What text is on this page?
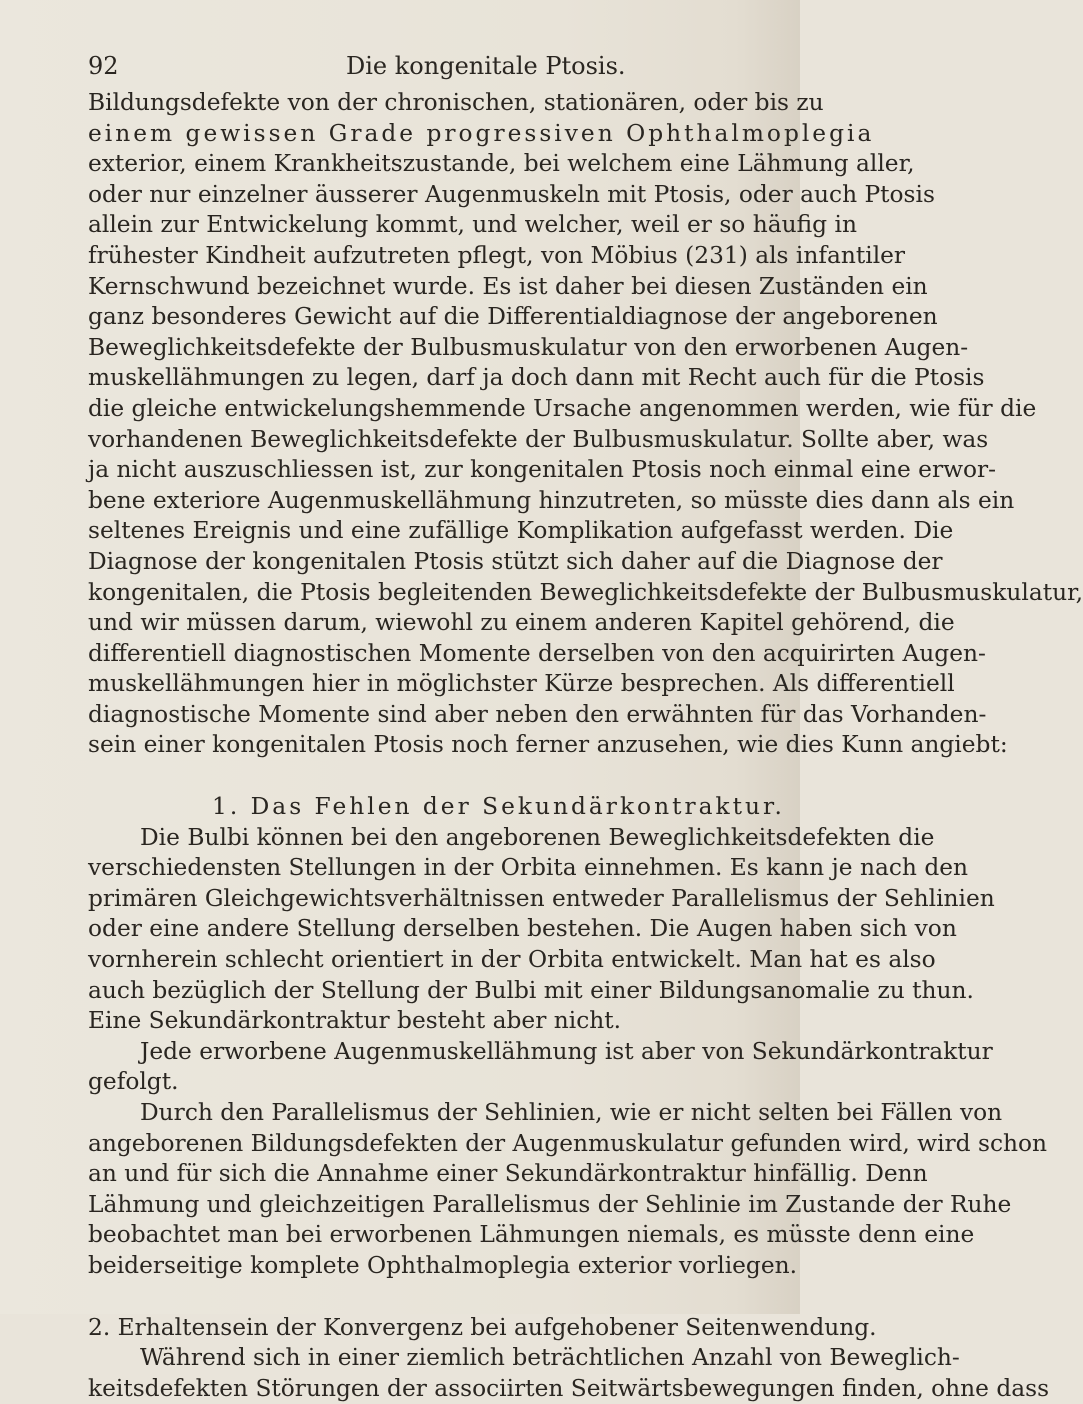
92	Die kongenitale Ptosis.
Bildungsdefekte von der chronischen, stationären, oder bis zu
einem gewissen Grade progressiven Ophthalmoplegia
exterior, einem Krankheitszustande, bei welchem eine Lähmung aller,
oder nur einzelner äusserer Augenmuskeln mit Ptosis, oder auch Ptosis
allein zur Entwickelung kommt, und welcher, weil er so häufig in
frühester Kindheit aufzutreten pflegt, von Möbius (231) als infantiler
Kernschwund bezeichnet wurde. Es ist daher bei diesen Zuständen ein
ganz besonderes Gewicht auf die Differentialdiagnose der angeborenen
Beweglichkeitsdefekte der Bulbusmuskulatur von den erworbenen Augen-
muskellähmungen zu legen, darf ja doch dann mit Recht auch für die Ptosis
die gleiche entwickelungshemmende Ursache angenommen werden, wie für die
vorhandenen Beweglichkeitsdefekte der Bulbusmuskulatur. Sollte aber, was
ja nicht auszuschliessen ist, zur kongenitalen Ptosis noch einmal eine erwor-
bene exteriore Augenmuskellähmung hinzutreten, so müsste dies dann als ein
seltenes Ereignis und eine zufällige Komplikation aufgefasst werden. Die
Diagnose der kongenitalen Ptosis stützt sich daher auf die Diagnose der
kongenitalen, die Ptosis begleitenden Beweglichkeitsdefekte der Bulbusmuskulatur,
und wir müssen darum, wiewohl zu einem anderen Kapitel gehörend, die
differentiell diagnostischen Momente derselben von den acquirirten Augen-
muskellähmungen hier in möglichster Kürze besprechen. Als differentiell
diagnostische Momente sind aber neben den erwähnten für das Vorhanden-
sein einer kongenitalen Ptosis noch ferner anzusehen, wie dies Kunn angiebt:
1. Das Fehlen der Sekundärkontraktur.
Die Bulbi können bei den angeborenen Beweglichkeitsdefekten die
verschiedensten Stellungen in der Orbita einnehmen. Es kann je nach den
primären Gleichgewichtsverhältnissen entweder Parallelismus der Sehlinien
oder eine andere Stellung derselben bestehen. Die Augen haben sich von
vornherein schlecht orientiert in der Orbita entwickelt. Man hat es also
auch bezüglich der Stellung der Bulbi mit einer Bildungsanomalie zu thun.
Eine Sekundärkontraktur besteht aber nicht.
Jede erworbene Augenmuskellähmung ist aber von Sekundärkontraktur
gefolgt.
Durch den Parallelismus der Sehlinien, wie er nicht selten bei Fällen von
angeborenen Bildungsdefekten der Augenmuskulatur gefunden wird, wird schon
an und für sich die Annahme einer Sekundärkontraktur hinfällig. Denn
Lähmung und gleichzeitigen Parallelismus der Sehlinie im Zustande der Ruhe
beobachtet man bei erworbenen Lähmungen niemals, es müsste denn eine
beiderseitige komplete Ophthalmoplegia exterior vorliegen.
2. Erhaltensein der Konvergenz bei aufgehobener Seitenwendung.
Während sich in einer ziemlich beträchtlichen Anzahl von Beweglich-
keitsdefekten Störungen der associirten Seitwärtsbewegungen finden, ohne dass
